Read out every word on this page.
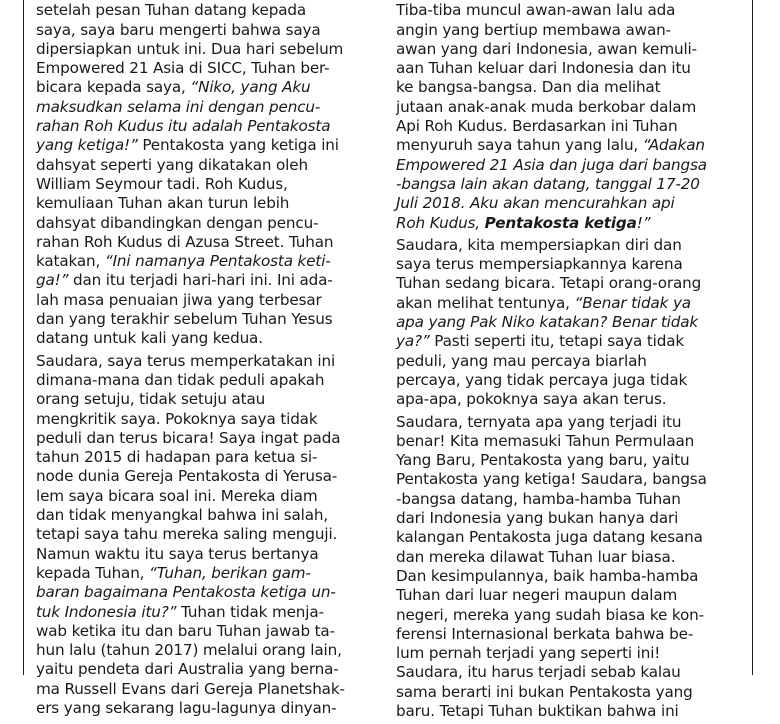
setelah pesan Tuhan datang kepada
saya, saya baru mengerti bahwa saya
dipersiapkan untuk ini. Dua hari sebelum
Empowered 21 Asia di SICC, Tuhan ber-
bicara kepada saya, “Niko, yang Aku
maksudkan selama ini dengan pencu-
rahan Roh Kudus itu adalah Pentakosta
yang ketiga!” Pentakosta yang ketiga ini
dahsyat seperti yang dikatakan oleh
William Seymour tadi. Roh Kudus,
kemuliaan Tuhan akan turun lebih
dahsyat dibandingkan dengan pencu-
rahan Roh Kudus di Azusa Street. Tuhan
katakan, “Ini namanya Pentakosta keti-
ga!” dan itu terjadi hari-hari ini. Ini ada-
lah masa penuaian jiwa yang terbesar
dan yang terakhir sebelum Tuhan Yesus
datang untuk kali yang kedua.

Saudara, saya terus memperkatakan ini
dimana-mana dan tidak peduli apakah
orang setuju, tidak setuju atau
mengkritik saya. Pokoknya saya tidak
peduli dan terus bicara! Saya ingat pada
tahun 2015 di hadapan para ketua si-
node dunia Gereja Pentakosta di Yerusa-
lem saya bicara soal ini. Mereka diam
dan tidak menyangkal bahwa ini salah,
tetapi saya tahu mereka saling menguji.
Namun waktu itu saya terus bertanya
kepada Tuhan, “Tuhan, berikan gam-
baran bagaimana Pentakosta ketiga un-
tuk Indonesia itu?” Tuhan tidak menja-
wab ketika itu dan baru Tuhan jawab ta-
hun lalu (tahun 2017) melalui orang lain,
yaitu pendeta dari Australia yang berna-
ma Russell Evans dari Gereja Planetshak-
ers yang sekarang lagu-lagunya dinyan-

Tiba-tiba muncul awan-awan lalu ada
angin yang bertiup membawa awan-
awan yang dari Indonesia, awan kemuli-
aan Tuhan keluar dari Indonesia dan itu
ke bangsa-bangsa. Dan dia melihat
jutaan anak-anak muda berkobar dalam
Api Roh Kudus. Berdasarkan ini Tuhan
menyuruh saya tahun yang lalu, “Adakan
Empowered 21 Asia dan juga dari bangsa
-bangsa lain akan datang, tanggal 17-20
Juli 2018. Aku akan mencurahkan api
Roh Kudus, Pentakosta ketiga!”

Saudara, kita mempersiapkan diri dan
saya terus mempersiapkannya karena
Tuhan sedang bicara. Tetapi orang-orang
akan melihat tentunya, “Benar tidak ya
apa yang Pak Niko katakan? Benar tidak
ya?” Pasti seperti itu, tetapi saya tidak
peduli, yang mau percaya biarlah
percaya, yang tidak percaya juga tidak
apa-apa, pokoknya saya akan terus.

Saudara, ternyata apa yang terjadi itu
benar! Kita memasuki Tahun Permulaan
Yang Baru, Pentakosta yang baru, yaitu
Pentakosta yang ketiga! Saudara, bangsa
-bangsa datang, hamba-hamba Tuhan
dari Indonesia yang bukan hanya dari
kalangan Pentakosta juga datang kesana
dan mereka dilawat Tuhan luar biasa.
Dan kesimpulannya, baik hamba-hamba
Tuhan dari luar negeri maupun dalam
negeri, mereka yang sudah biasa ke kon-
ferensi Internasional berkata bahwa be-
lum pernah terjadi yang seperti ini!
Saudara, itu harus terjadi sebab kalau
sama berarti ini bukan Pentakosta yang
baru. Tetapi Tuhan buktikan bahwa ini
